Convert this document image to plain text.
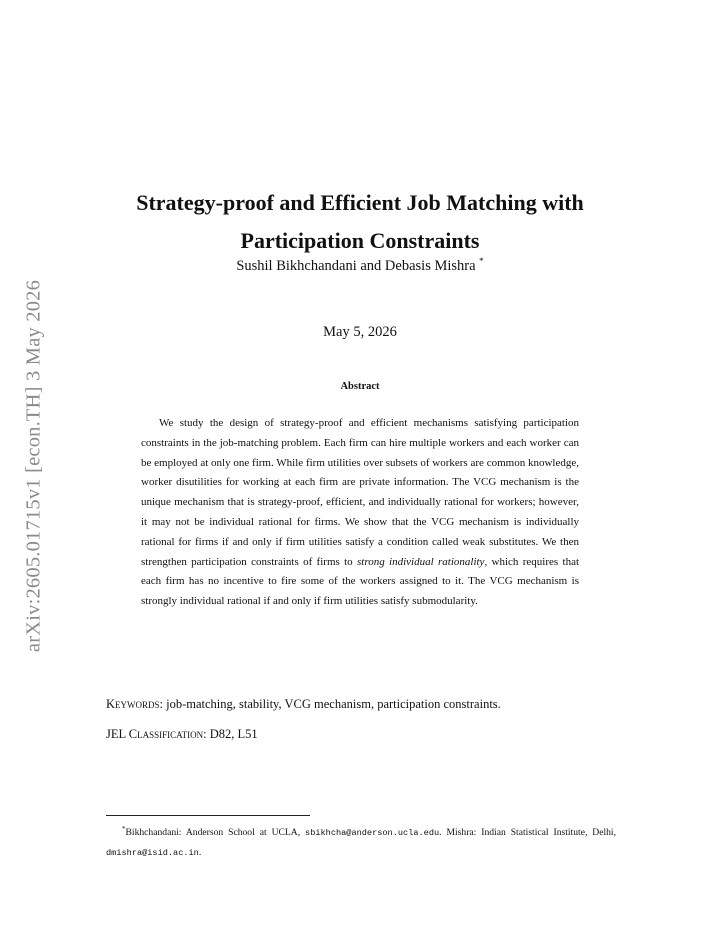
arXiv:2605.01715v1 [econ.TH] 3 May 2026
Strategy-proof and Efficient Job Matching with
Participation Constraints
Sushil Bikhchandani and Debasis Mishra *
May 5, 2026
Abstract

We study the design of strategy-proof and efficient mechanisms satisfying participation constraints in the job-matching problem. Each firm can hire multiple workers and each worker can be employed at only one firm. While firm utilities over subsets of workers are common knowledge, worker disutilities for working at each firm are private information. The VCG mechanism is the unique mechanism that is strategy-proof, efficient, and individually rational for workers; however, it may not be individual rational for firms. We show that the VCG mechanism is individually rational for firms if and only if firm utilities satisfy a condition called weak substitutes. We then strengthen participation constraints of firms to strong individual rationality, which requires that each firm has no incentive to fire some of the workers assigned to it. The VCG mechanism is strongly individual rational if and only if firm utilities satisfy submodularity.

Keywords: job-matching, stability, VCG mechanism, participation constraints.
JEL Classification: D82, L51

*Bikhchandani: Anderson School at UCLA, sbikhcha@anderson.ucla.edu. Mishra: Indian Statistical Institute, Delhi, dmishra@isid.ac.in.
